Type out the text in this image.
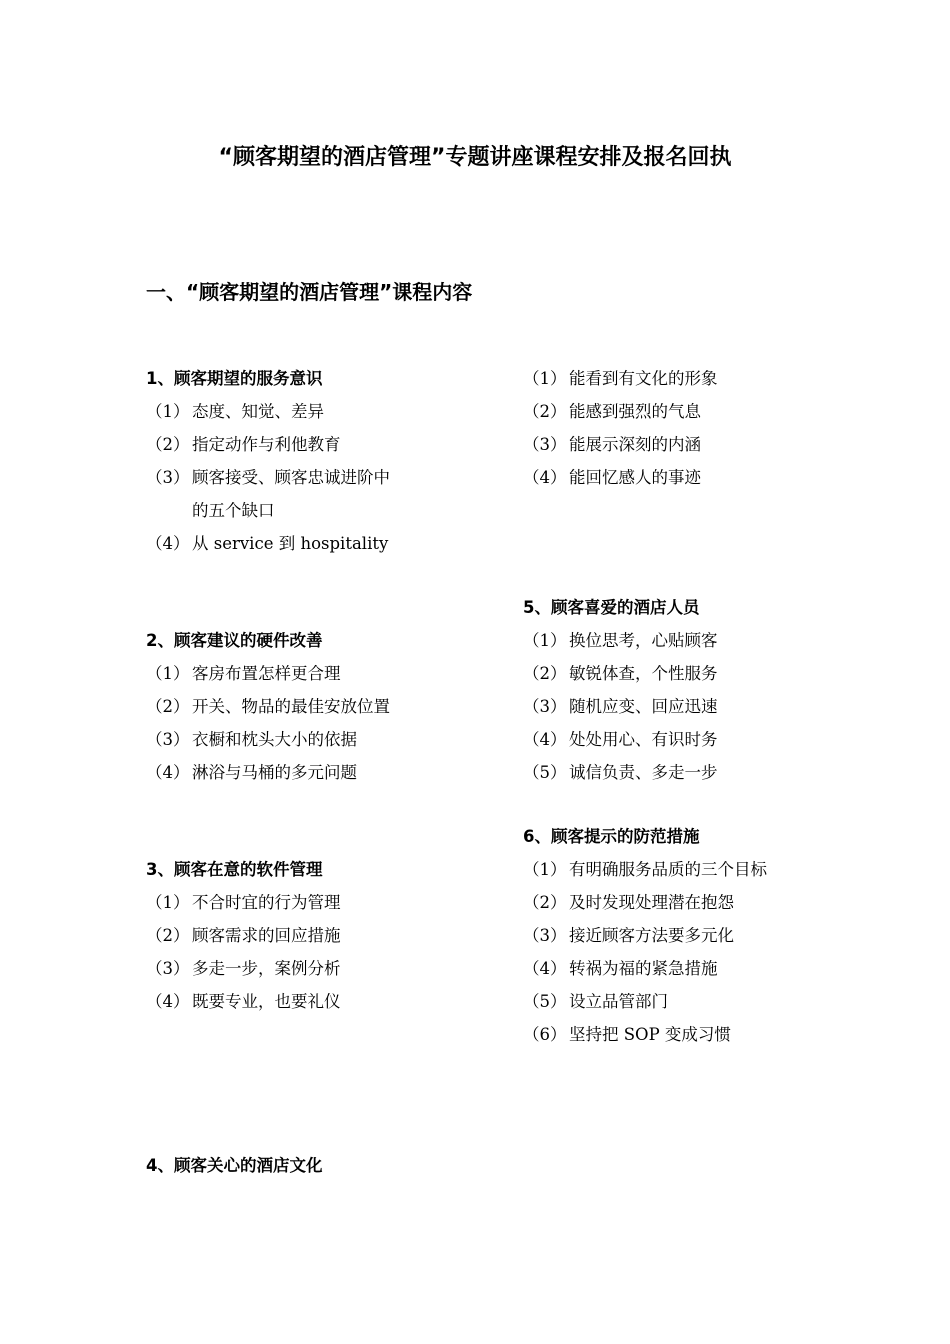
“顾客期望的酒店管理”专题讲座课程安排及报名回执
一、“顾客期望的酒店管理”课程内容
1、顾客期望的服务意识
（1） 态度、知觉、差异
（2） 指定动作与利他教育
（3） 顾客接受、顾客忠诚进阶中
的五个缺口
（4） 从 service 到 hospitality
（1） 能看到有文化的形象
（2） 能感到强烈的气息
（3） 能展示深刻的内涵
（4） 能回忆感人的事迹
2、顾客建议的硬件改善
（1） 客房布置怎样更合理
（2） 开关、物品的最佳安放位置
（3） 衣橱和枕头大小的依据
（4） 淋浴与马桶的多元问题
5、顾客喜爱的酒店人员
（1） 换位思考，心贴顾客
（2） 敏锐体查，个性服务
（3） 随机应变、回应迅速
（4） 处处用心、有识时务
（5） 诚信负责、多走一步
6、顾客提示的防范措施
（1） 有明确服务品质的三个目标
（2） 及时发现处理潜在抱怨
（3） 接近顾客方法要多元化
（4） 转祸为福的紧急措施
（5） 设立品管部门
（6） 坚持把 SOP 变成习惯
3、顾客在意的软件管理
（1） 不合时宜的行为管理
（2） 顾客需求的回应措施
（3） 多走一步，案例分析
（4） 既要专业，也要礼仪
4、顾客关心的酒店文化
